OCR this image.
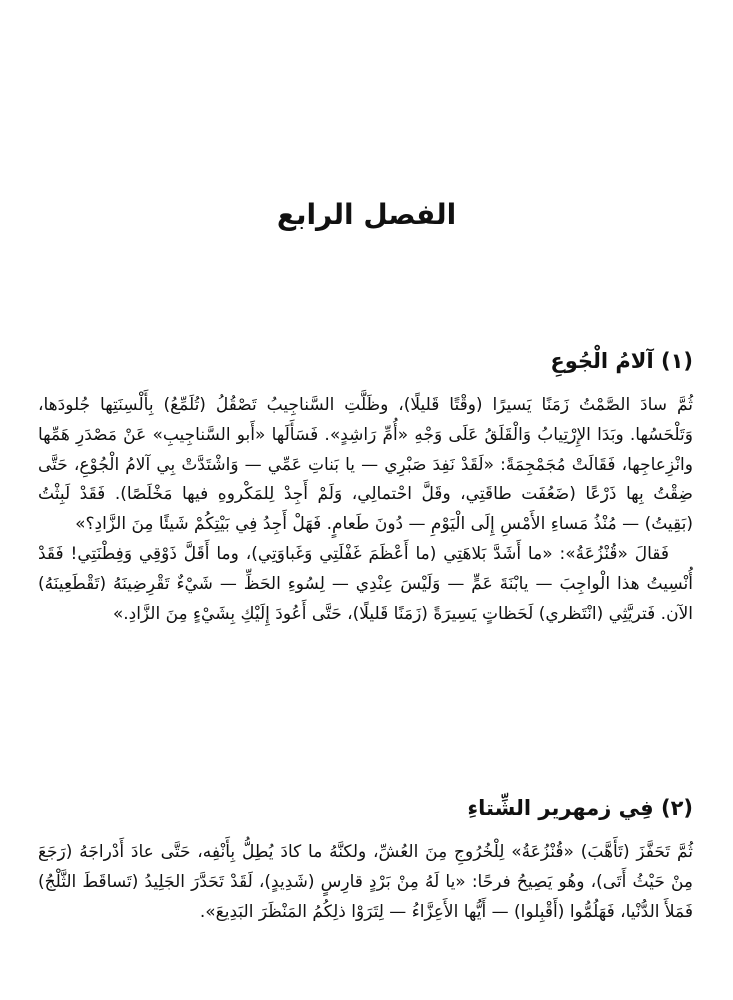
الفصل الرابع
(١) آلامُ الْجُوعِ

ثُمَّ سادَ الصَّمْتُ زَمَنًا يَسيرًا (وقْتًا قَليلًا)، وظَلَّتِ السَّناجِيبُ تَصْقُلُ (تُلَمِّعُ) بِأَلْسِنَتِها جُلودَها، وَتَلْحَسُها. وبَدَا الإِرْتِيابُ وَالْقَلَقُ عَلَى وَجْهِ «أُمِّ رَاشِدٍ». فَسَأَلَها «أَبو السَّناجِيبِ» عَنْ مَصْدَرِ هَمِّها وانْزِعاجِها، فَقَالَتْ مُجَمْجِمَةً: «لَقَدْ نَفِدَ صَبْرِي — يا بَناتِ عَمِّي — وَاشْتَدَّتْ بِي آلامُ الْجُوْعِ، حَتَّى ضِقْتُ بِها ذَرْعًا (ضَعُفَت طاقَتِي، وقَلَّ احْتمالِي، وَلَمْ أَجِدْ لِلمَكْروهِ فيها مَخْلَصًا). فَقَدْ لَبِثْتُ (بَقِيتُ) — مُنْذُ مَساءِ الأَمْسِ إِلَى الْيَوْمِ — دُونَ طَعامٍ. فَهَلْ أَجِدُ فِي بَيْتِكُمْ شَيئًا مِنَ الزَّادِ؟»

فَقالَ «قُنْزُعَةُ»: «ما أَشَدَّ بَلاهَتِي (ما أَعْظَمَ غَفْلَتِي وَغَباوَتِي)، وما أَقَلَّ ذَوْقِي وَفِطْنَتِي! فَقَدْ أُنْسِيتُ هذا الْواجِبَ — يابْنَةَ عَمٍّ — وَلَيْسَ عِنْدِي — لِسُوءِ الحَظِّ — شَيْءٌ تَقْرِضِينَهُ (تَقْطَعِينَهُ) الآن. فَتريَّثِي (انْتَظري) لَحَظاتٍ يَسِيرَةً (زَمَنًا قَليلًا)، حَتَّى أَعُودَ إِلَيْكِ بِشَيْءٍ مِنَ الزَّادِ.»

(٢) فِي زمهرير الشِّتاءِ

ثُمَّ تَحَفَّزَ (تَأَهَّبَ) «قُنْزُعَةُ» لِلْخُرُوجِ مِنَ العُشِّ، ولكنَّهُ ما كادَ يُطِلُّ بِأَنْفِه، حَتَّى عادَ أَدْراجَهُ (رَجَعَ مِنْ حَيْثُ أَتَى)، وهُو يَصِيحُ فرحًا: «يا لَهُ مِنْ بَرْدٍ قارِسٍ (شَدِيدٍ)، لَقَدْ تَحَدَّرَ الجَلِيدُ (تَساقَطَ الثَّلْجُ) فَمَلأَ الدُّنْيا، فَهَلُمُّوا (أَقْبِلوا) — أَيُّها الأَعِزَّاءُ — لِتَرَوْا ذلِكُمُ المَنْظَرَ البَدِيعَ».
